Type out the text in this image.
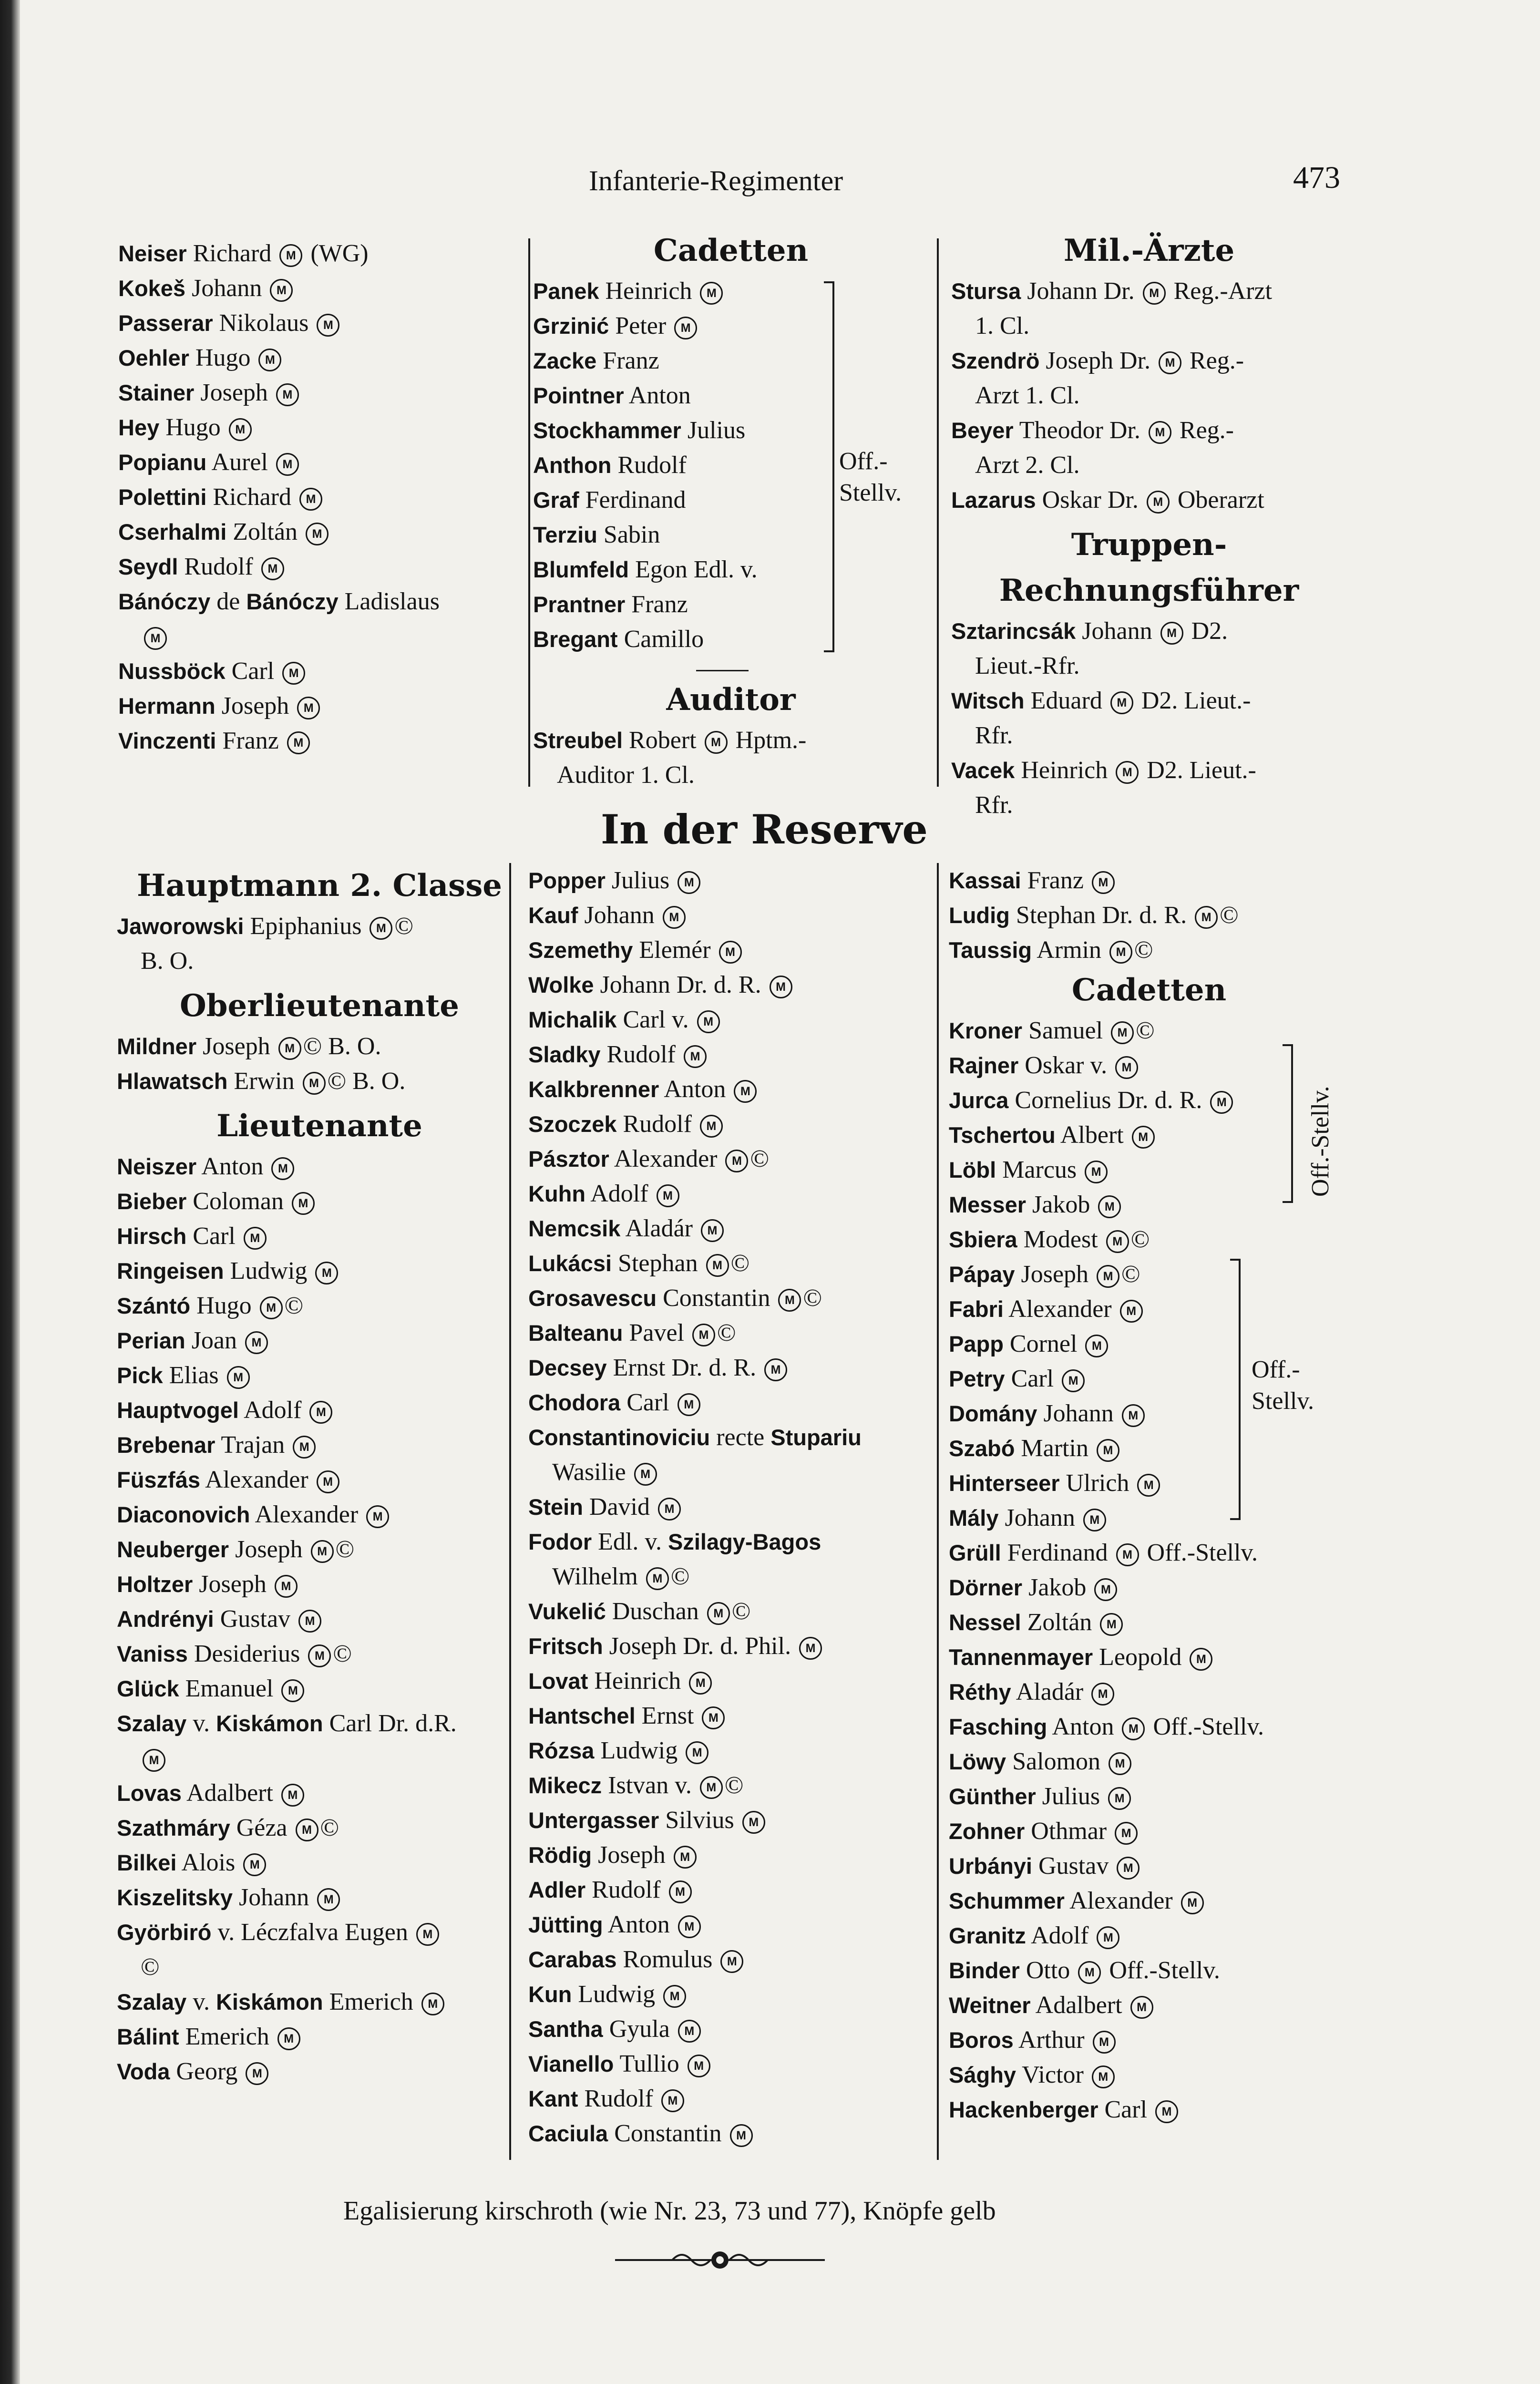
Infanterie-Regimenter	473

Neiser Richard M (WG)

Kokeš Johann M

Passerar Nikolaus M

Oehler Hugo M

Stainer Joseph M

Hey Hugo M

Popianu Aurel M

Polettini Richard M

Cserhalmi Zoltán M

Seydl Rudolf M

Bánóczy de Bánóczy Ladislaus

M

Nussböck Carl M

Hermann Joseph M

Vinczenti Franz M

Cadetten

Panek Heinrich M

Grzinić Peter M

Zacke Franz

Pointner Anton

Stockhammer Julius

Anthon Rudolf

Graf Ferdinand

Terziu Sabin

Blumfeld Egon Edl. v.

Prantner Franz

Bregant Camillo

Off.-
Stellv.
Auditor

Streubel Robert M Hptm.-

Auditor 1. Cl.

Mil.-Ärzte

Stursa Johann Dr. M Reg.-Arzt

1. Cl.

Szendrö Joseph Dr. M Reg.-

Arzt 1. Cl.

Beyer Theodor Dr. M Reg.-

Arzt 2. Cl.

Lazarus Oskar Dr. M Oberarzt

Truppen-Rechnungsführer

Sztarincsák Johann M D2.

Lieut.-Rfr.

Witsch Eduard M D2. Lieut.-

Rfr.

Vacek Heinrich M D2. Lieut.-

Rfr.

In der Reserve
Hauptmann 2. Classe

Jaworowski Epiphanius M ©

B. O.

Oberlieutenante

Mildner Joseph M © B. O.

Hlawatsch Erwin M © B. O.

Lieutenante

Neiszer Anton M

Bieber Coloman M

Hirsch Carl M

Ringeisen Ludwig M

Szántó Hugo M ©

Perian Joan M

Pick Elias M

Hauptvogel Adolf M

Brebenar Trajan M

Füszfás Alexander M

Diaconovich Alexander M

Neuberger Joseph M ©

Holtzer Joseph M

Andrényi Gustav M

Vaniss Desiderius M ©

Glück Emanuel M

Szalay v. Kiskámon Carl Dr. d.R.

M

Lovas Adalbert M

Szathmáry Géza M ©

Bilkei Alois M

Kiszelitsky Johann M

Györbiró v. Léczfalva Eugen M

©

Szalay v. Kiskámon Emerich M

Bálint Emerich M

Voda Georg M

Popper Julius M

Kauf Johann M

Szemethy Elemér M

Wolke Johann Dr. d. R. M

Michalik Carl v. M

Sladky Rudolf M

Kalkbrenner Anton M

Szoczek Rudolf M

Pásztor Alexander M ©

Kuhn Adolf M

Nemcsik Aladár M

Lukácsi Stephan M ©

Grosavescu Constantin M ©

Balteanu Pavel M ©

Decsey Ernst Dr. d. R. M

Chodora Carl M

Constantinoviciu recte Stupariu

Wasilie M

Stein David M

Fodor Edl. v. Szilagy-Bagos

Wilhelm M ©

Vukelić Duschan M ©

Fritsch Joseph Dr. d. Phil. M

Lovat Heinrich M

Hantschel Ernst M

Rózsa Ludwig M

Mikecz Istvan v. M ©

Untergasser Silvius M

Rödig Joseph M

Adler Rudolf M

Jütting Anton M

Carabas Romulus M

Kun Ludwig M

Santha Gyula M

Vianello Tullio M

Kant Rudolf M

Caciula Constantin M

Kassai Franz M

Ludig Stephan Dr. d. R. M ©

Taussig Armin M ©

Cadetten

Kroner Samuel M ©

Rajner Oskar v. M

Jurca Cornelius Dr. d. R. M

Tschertou Albert M

Löbl Marcus M

Messer Jakob M

Sbiera Modest M ©

Pápay Joseph M ©

Fabri Alexander M

Papp Cornel M

Petry Carl M

Domány Johann M

Szabó Martin M

Hinterseer Ulrich M

Mály Johann M

Grüll Ferdinand M Off.-Stellv.

Dörner Jakob M

Nessel Zoltán M

Tannenmayer Leopold M

Réthy Aladár M

Fasching Anton M Off.-Stellv.

Löwy Salomon M

Günther Julius M

Zohner Othmar M

Urbányi Gustav M

Schummer Alexander M

Granitz Adolf M

Binder Otto M Off.-Stellv.

Weitner Adalbert M

Boros Arthur M

Sághy Victor M

Hackenberger Carl M

Off.-Stellv.
Off.-
Stellv.
Egalisierung kirschroth (wie Nr. 23, 73 und 77), Knöpfe gelb
